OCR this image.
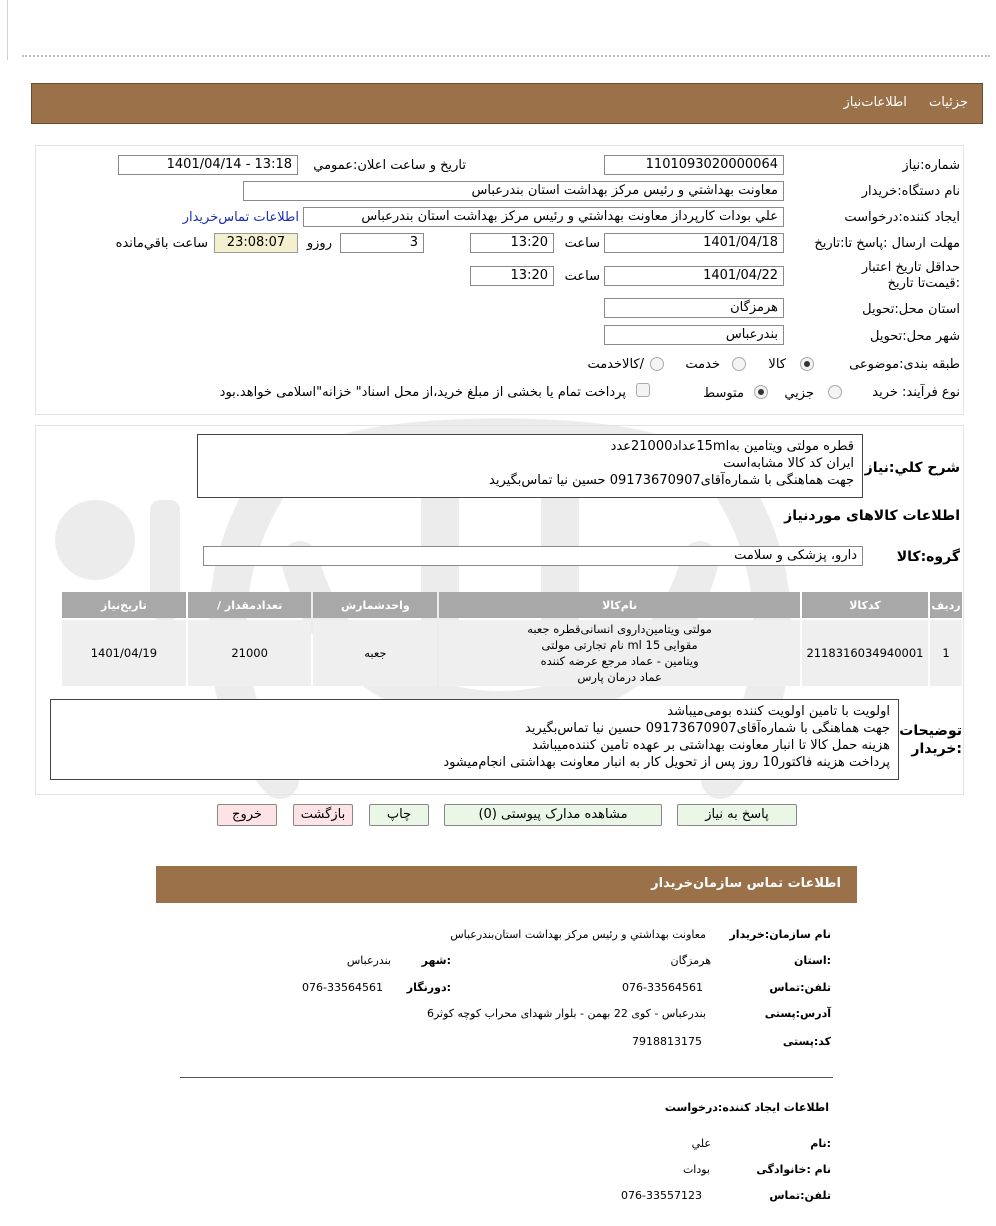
جزئیات اطلاعات‌نیاز
شماره:نیاز
1101093020000064
تاریخ و ساعت اعلان:عمومي
1401/04/14 - 13:18
نام دستگاه:خریدار
معاونت بهداشتي و رئيس مرکز بهداشت استان بندرعباس
ایجاد کننده:درخواست
علي بودات کارپرداز معاونت بهداشتي و رئيس مرکز بهداشت استان بندرعباس
اطلاعات تماس‌خریدار
مهلت ارسال :پاسخ تا:تاریخ
1401/04/18
ساعت
13:20
3
روزو
23:08:07
ساعت باقي‌مانده
حداقل تاریخ اعتبار :قیمت‌تا تاریخ
1401/04/22
ساعت
13:20
استان محل:تحویل
هرمزگان
شهر محل:تحویل
بندرعباس
طبقه بندی:موضوعی
کالا
خدمت
/کالاخدمت
نوع فرآیند: خرید
جزيي
متوسط
پرداخت تمام یا بخشی از مبلغ خرید،از محل اسناد" خزانه"اسلامی خواهد.بود
شرح کلي:نیاز
قطره مولتی ویتامین به15mlعداد21000عدد
ایران کد کالا مشابه‌است
جهت هماهنگی با شماره‌آقای09173670907 حسین نیا تماس‌بگیرید
اطلاعات کالاهای مورد‌نیاز
گروه:کالا
دارو، پزشکی و سلامت
تاریخ‌نیاز	/ تعدادمقدار	واحدشمارش	نام‌کالا	کدکالا	ردیف
1401/04/19	21000	جعبه	مولتی ویتامین‌داروی انسانی‌قطره جعبه
مقوایی 15 ml نام تجارتی مولتی
ویتامین - عماد مرجع عرضه کننده
عماد درمان پارس	2118316034940001	1
توضیحات :خریدار
اولویت با تامین اولویت کننده بومی‌میباشد
جهت هماهنگی با شماره‌آقای09173670907 حسین نیا تماس‌بگیرید
هزینه حمل کالا تا انبار معاونت بهداشتی بر عهده تامین کننده‌میباشد
پرداخت هزینه فاکتور10 روز پس از تحویل کار به انبار معاونت بهداشتی انجام‌میشود
پاسخ به نیاز
مشاهده مدارک پیوستی (0)
چاپ
بازگشت
خروج
اطلاعات تماس سازمان‌خریدار
نام سازمان:خریدار
معاونت بهداشتي و رئيس مرکز بهداشت استان‌بندرعباس
:استان
هرمزگان
:شهر
بندرعباس
تلفن:تماس
076-33564561
:دورنگار
076-33564561
آدرس:پستی
بندرعباس - کوی 22 بهمن - بلوار شهدای محراب کوچه کوثر6
کد:پستی
7918813175
اطلاعات ایجاد کننده:درخواست
:نام
علي
نام :خانوادگی
بودات
تلفن:تماس
076-33557123
